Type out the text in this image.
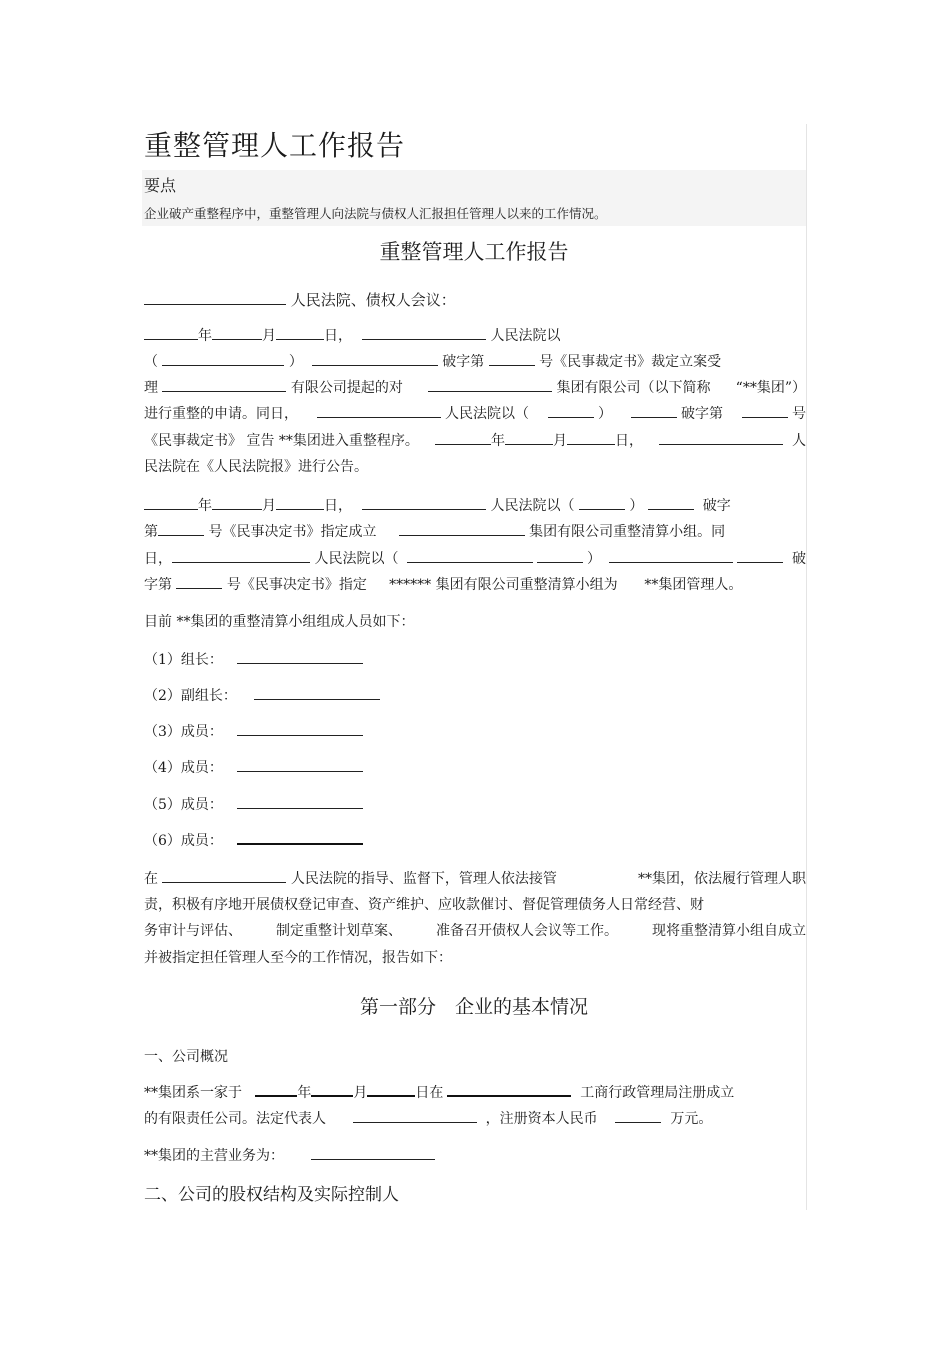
重整管理人工作报告
要点
企业破产重整程序中，重整管理人向法院与债权人汇报担任管理人以来的工作情况。
重整管理人工作报告
人民法院、债权人会议：
年	月	日，	人民法院以
（	）	破字第	号《民事裁定书》裁定立案受
理	有限公司提起的对	集团有限公司（以下简称 “**集团”）
进行重整的申请。同日，	人民法院以（	）	破字第	号
《民事裁定书》 宣告 **集团进入重整程序。	年	月	日，	人
民法院在《人民法院报》进行公告。
年	月	日，	人民法院以（	）	破字
第	号《民事决定书》指定成立	集团有限公司重整清算小组。同
日，	人民法院以（	）	破
字第	号《民事决定书》指定 ****** 集团有限公司重整清算小组为 **集团管理人。
目前 **集团的重整清算小组组成人员如下：
（1）组长：
（2）副组长：
（3）成员：
（4）成员：
（5）成员：
（6）成员：
在	人民法院的指导、监督下，管理人依法接管	**集团，依法履行管理人职
责，积极有序地开展债权登记审查、资产维护、应收款催讨、督促管理债务人日常经营、财
务审计与评估、 制定重整计划草案、 准备召开债权人会议等工作。 现将重整清算小组自成立
并被指定担任管理人至今的工作情况，报告如下：
第一部分　企业的基本情况
一、公司概况
**集团系一家于	年	月	日在	工商行政管理局注册成立
的有限责任公司。法定代表人	，注册资本人民币	万元。
**集团的主营业务为：
二、公司的股权结构及实际控制人
